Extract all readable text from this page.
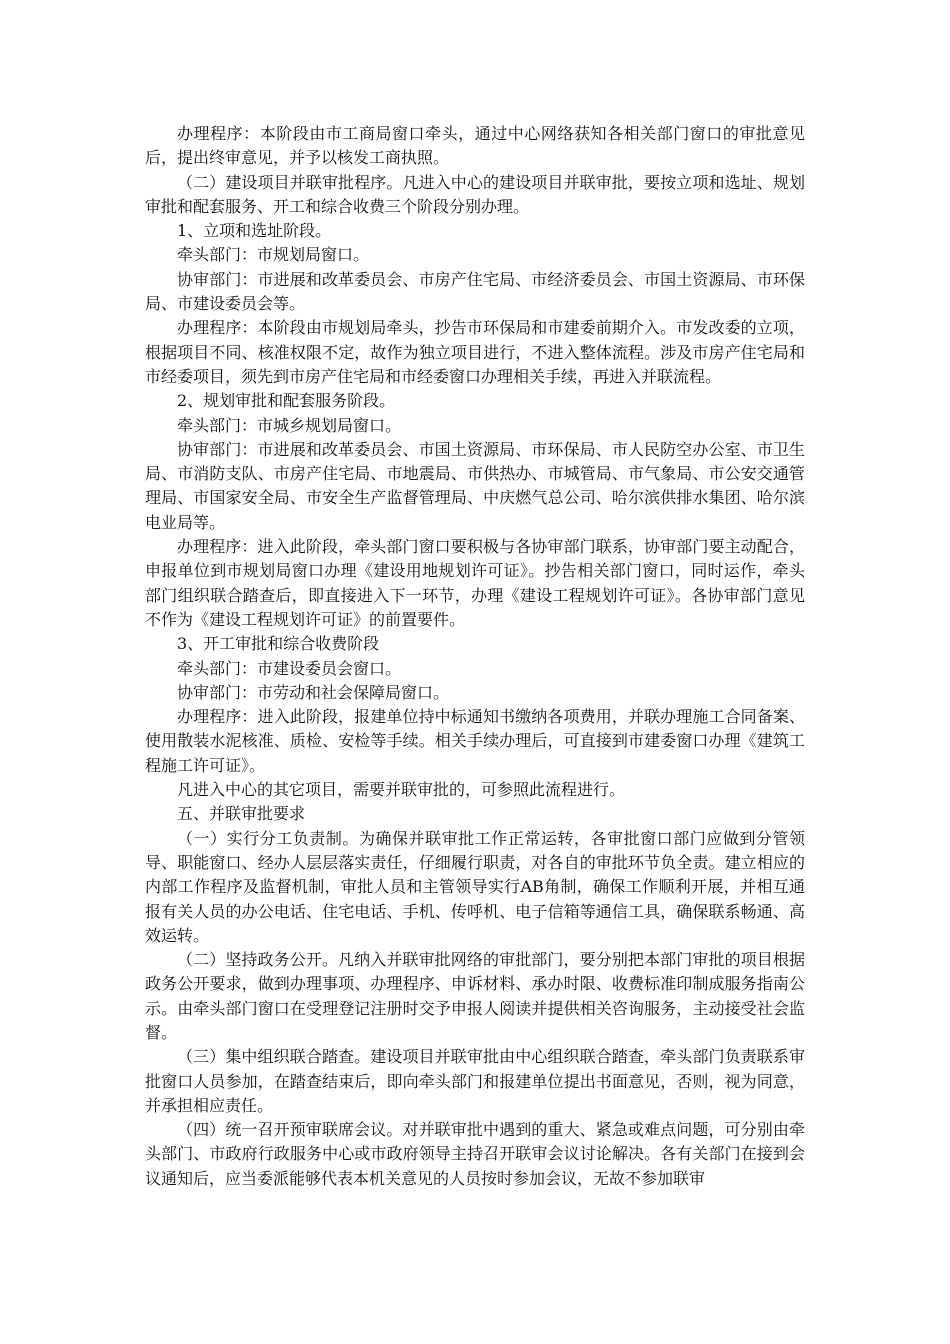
办理程序：本阶段由市工商局窗口牵头，通过中心网络获知各相关部门窗口的审批意见后，提出终审意见，并予以核发工商执照。

（二）建设项目并联审批程序。凡进入中心的建设项目并联审批，要按立项和选址、规划审批和配套服务、开工和综合收费三个阶段分别办理。

1、立项和选址阶段。

牵头部门：市规划局窗口。

协审部门：市进展和改革委员会、市房产住宅局、市经济委员会、市国土资源局、市环保局、市建设委员会等。

办理程序：本阶段由市规划局牵头，抄告市环保局和市建委前期介入。市发改委的立项，根据项目不同、核准权限不定，故作为独立项目进行，不进入整体流程。涉及市房产住宅局和市经委项目，须先到市房产住宅局和市经委窗口办理相关手续，再进入并联流程。

2、规划审批和配套服务阶段。

牵头部门：市城乡规划局窗口。

协审部门：市进展和改革委员会、市国土资源局、市环保局、市人民防空办公室、市卫生局、市消防支队、市房产住宅局、市地震局、市供热办、市城管局、市气象局、市公安交通管理局、市国家安全局、市安全生产监督管理局、中庆燃气总公司、哈尔滨供排水集团、哈尔滨电业局等。

办理程序：进入此阶段，牵头部门窗口要积极与各协审部门联系，协审部门要主动配合，申报单位到市规划局窗口办理《建设用地规划许可证》。抄告相关部门窗口，同时运作，牵头部门组织联合踏查后，即直接进入下一环节，办理《建设工程规划许可证》。各协审部门意见不作为《建设工程规划许可证》的前置要件。

3、开工审批和综合收费阶段

牵头部门：市建设委员会窗口。

协审部门：市劳动和社会保障局窗口。

办理程序：进入此阶段，报建单位持中标通知书缴纳各项费用，并联办理施工合同备案、使用散装水泥核准、质检、安检等手续。相关手续办理后，可直接到市建委窗口办理《建筑工程施工许可证》。

凡进入中心的其它项目，需要并联审批的，可参照此流程进行。

五、并联审批要求

（一）实行分工负责制。为确保并联审批工作正常运转，各审批窗口部门应做到分管领导、职能窗口、经办人层层落实责任，仔细履行职责，对各自的审批环节负全责。建立相应的内部工作程序及监督机制，审批人员和主管领导实行AB角制，确保工作顺利开展，并相互通报有关人员的办公电话、住宅电话、手机、传呼机、电子信箱等通信工具，确保联系畅通、高效运转。

（二）坚持政务公开。凡纳入并联审批网络的审批部门，要分别把本部门审批的项目根据政务公开要求，做到办理事项、办理程序、申诉材料、承办时限、收费标准印制成服务指南公示。由牵头部门窗口在受理登记注册时交予申报人阅读并提供相关咨询服务，主动接受社会监督。

（三）集中组织联合踏查。建设项目并联审批由中心组织联合踏查，牵头部门负责联系审批窗口人员参加，在踏查结束后，即向牵头部门和报建单位提出书面意见，否则，视为同意，并承担相应责任。

（四）统一召开预审联席会议。对并联审批中遇到的重大、紧急或难点问题，可分别由牵头部门、市政府行政服务中心或市政府领导主持召开联审会议讨论解决。各有关部门在接到会议通知后，应当委派能够代表本机关意见的人员按时参加会议，无故不参加联审
